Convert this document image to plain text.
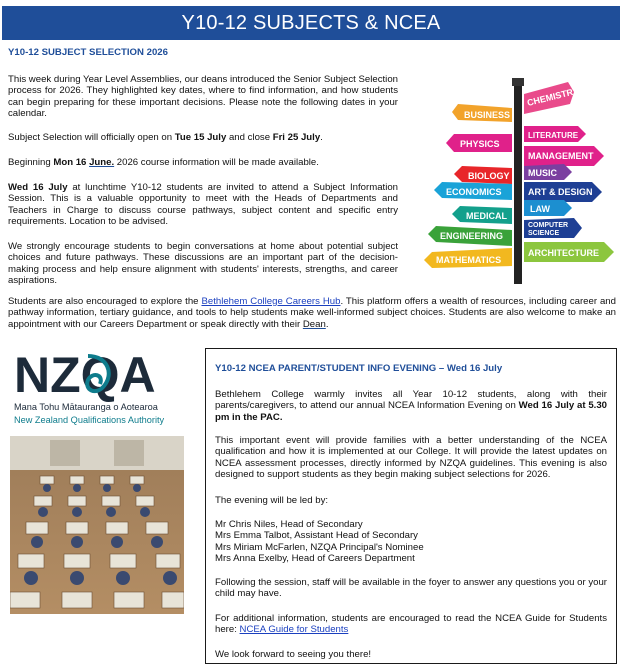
Y10-12 SUBJECTS & NCEA
Y10-12 SUBJECT SELECTION 2026

This week during Year Level Assemblies, our deans introduced the Senior Subject Selection process for 2026. They highlighted key dates, where to find information, and how students can begin preparing for these important decisions. Please note the following dates in your calendar.

Subject Selection will officially open on Tue 15 July and close Fri 25 July.

Beginning Mon 16 June. 2026 course information will be made available.

Wed 16 July at lunchtime Y10-12 students are invited to attend a Subject Information Session. This is a valuable opportunity to meet with the Heads of Departments and Teachers in Charge to discuss course pathways, subject content and specific entry requirements. Location to be advised.

We strongly encourage students to begin conversations at home about potential subject choices and future pathways. These discussions are an important part of the decision-making process and help ensure alignment with students' interests, strengths, and career aspirations.

BUSINESS
CHEMISTRY
PHYSICS
LITERATURE
MANAGEMENT
BIOLOGY MUSIC
ECONOMICS	ART & DESIGN
MEDICAL
LAW
ENGINEERING
COMPUTER
SCIENCE
MATHEMATICS
ARCHITECTURE

Students are also encouraged to explore the Bethlehem College Careers Hub. This platform offers a wealth of resources, including career and pathway information, tertiary guidance, and tools to help students make well-informed subject choices. Students are also welcome to make an appointment with our Careers Department or speak directly with their Dean.

NZQA
Mana Tohu Mātauranga o Aotearoa
New Zealand Qualifications Authority
Y10-12 NCEA PARENT/STUDENT INFO EVENING – Wed 16 July

Bethlehem College warmly invites all Year 10-12 students, along with their parents/caregivers, to attend our annual NCEA Information Evening on Wed 16 July at 5.30 pm in the PAC.

This important event will provide families with a better understanding of the NCEA qualification and how it is implemented at our College. It will provide the latest updates on NCEA assessment processes, directly informed by NZQA guidelines. This evening is also designed to support students as they begin making subject selections for 2026.

The evening will be led by:

Mr Chris Niles, Head of Secondary
Mrs Emma Talbot, Assistant Head of Secondary
Mrs Miriam McFarlen, NZQA Principal's Nominee
Mrs Anna Exelby, Head of Careers Department

Following the session, staff will be available in the foyer to answer any questions you or your child may have.

For additional information, students are encouraged to read the NCEA Guide for Students here: NCEA Guide for Students

We look forward to seeing you there!
